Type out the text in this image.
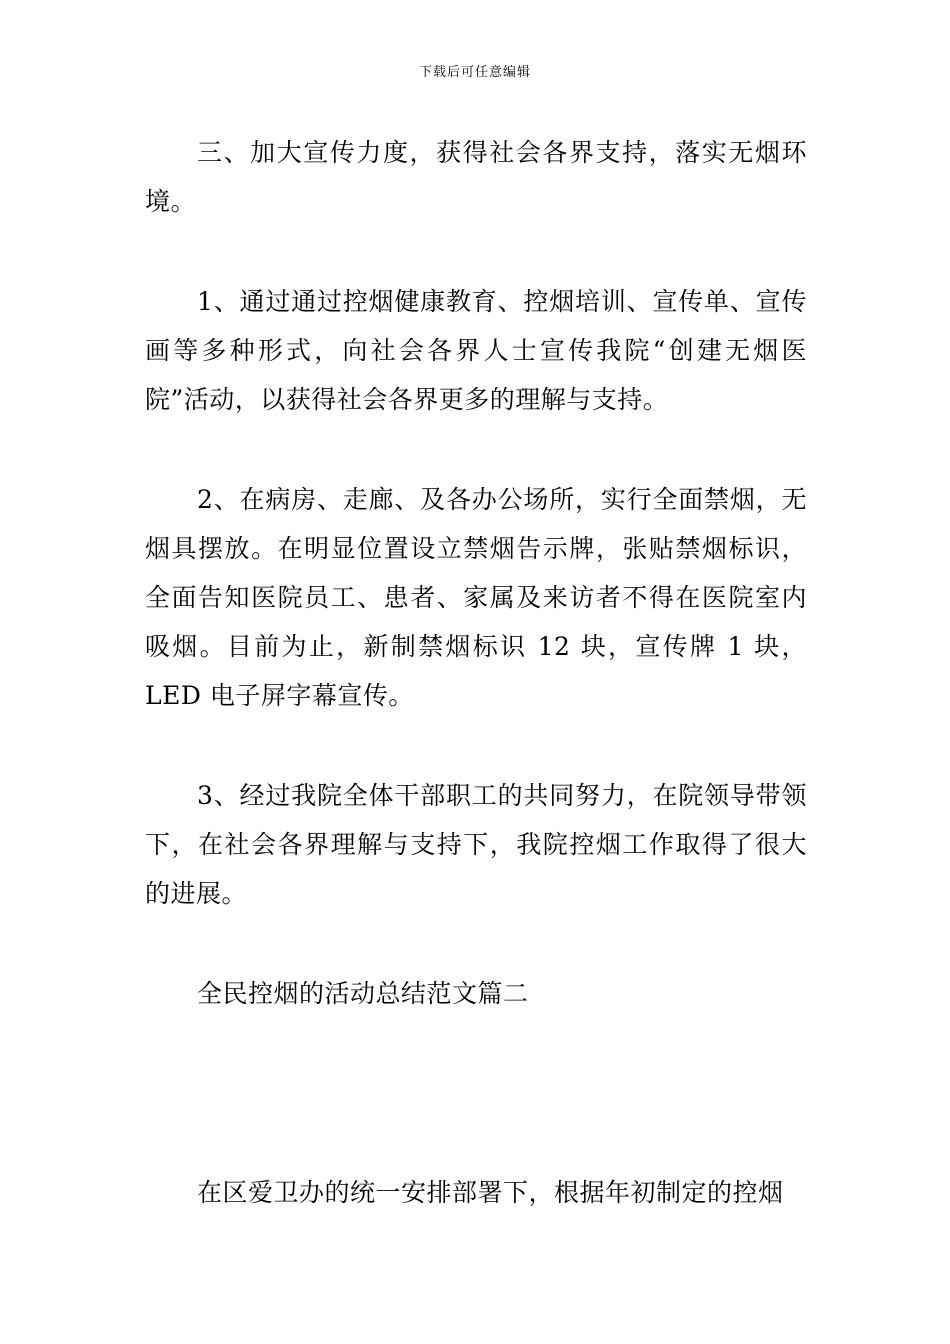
下载后可任意编辑

三、加大宣传力度，获得社会各界支持，落实无烟环境。

1、通过通过控烟健康教育、控烟培训、宣传单、宣传画等多种形式，向社会各界人士宣传我院“创建无烟医院”活动，以获得社会各界更多的理解与支持。

2、在病房、走廊、及各办公场所，实行全面禁烟，无烟具摆放。在明显位置设立禁烟告示牌，张贴禁烟标识，全面告知医院员工、患者、家属及来访者不得在医院室内吸烟。目前为止，新制禁烟标识 12 块，宣传牌 1 块，LED 电子屏字幕宣传。

3、经过我院全体干部职工的共同努力，在院领导带领下，在社会各界理解与支持下，我院控烟工作取得了很大的进展。

全民控烟的活动总结范文篇二

在区爱卫办的统一安排部署下，根据年初制定的控烟
